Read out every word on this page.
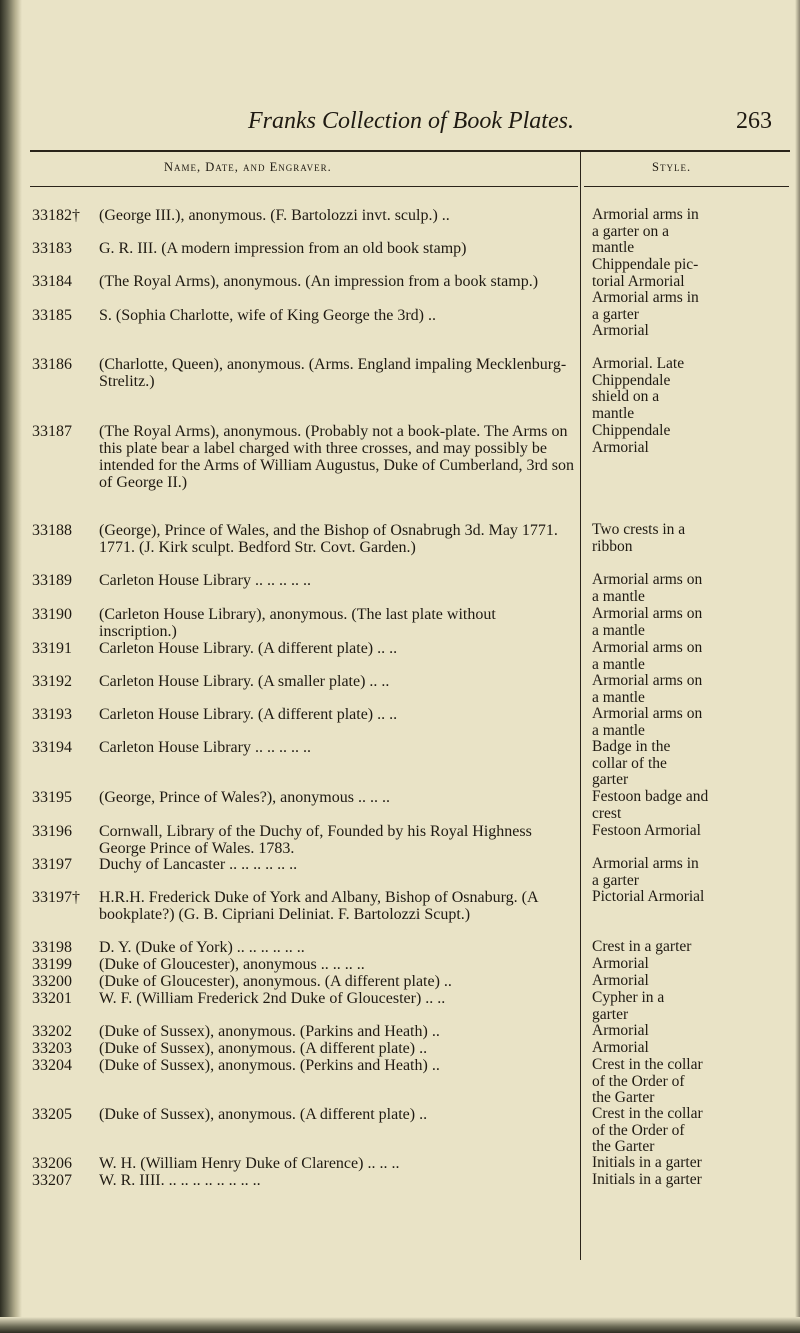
Franks Collection of Book Plates.	263
Name, Date, and Engraver.	Style.
33182† (George III.), anonymous. (F. Bartolozzi invt. sculp.) ..
33183 G. R. III. (A modern impression from an old book stamp)
33184 (The Royal Arms), anonymous. (An impression from a book stamp.)
33185 S. (Sophia Charlotte, wife of King George the 3rd) ..
33186 (Charlotte, Queen), anonymous. (Arms. England impaling Mecklenburg-Strelitz.)
33187 (The Royal Arms), anonymous. (Probably not a book-plate. The Arms on this plate bear a label charged with three crosses, and may possibly be intended for the Arms of William Augustus, Duke of Cumberland, 3rd son of George II.)
33188 (George), Prince of Wales, and the Bishop of Osnabrugh 3d. May 1771. 1771. (J. Kirk sculpt. Bedford Str. Covt. Garden.)
33189 Carleton House Library .. .. .. .. ..
33190 (Carleton House Library), anonymous. (The last plate without inscription.)
33191 Carleton House Library. (A different plate) .. ..
33192 Carleton House Library. (A smaller plate) .. ..
33193 Carleton House Library. (A different plate) .. ..
33194 Carleton House Library .. .. .. .. ..
33195 (George, Prince of Wales?), anonymous .. .. ..
33196 Cornwall, Library of the Duchy of, Founded by his Royal Highness George Prince of Wales. 1783.
33197 Duchy of Lancaster .. .. .. .. .. ..
33197† H.R.H. Frederick Duke of York and Albany, Bishop of Osnaburg. (A bookplate?) (G. B. Cipriani Deliniat. F. Bartolozzi Scupt.)
33198 D. Y. (Duke of York) .. .. .. .. .. ..
33199 (Duke of Gloucester), anonymous .. .. .. ..
33200 (Duke of Gloucester), anonymous. (A different plate) ..
33201 W. F. (William Frederick 2nd Duke of Gloucester) .. ..
33202 (Duke of Sussex), anonymous. (Parkins and Heath) ..
33203 (Duke of Sussex), anonymous. (A different plate) ..
33204 (Duke of Sussex), anonymous. (Perkins and Heath) ..
33205 (Duke of Sussex), anonymous. (A different plate) ..
33206 W. H. (William Henry Duke of Clarence) .. .. ..
33207 W. R. IIII. .. .. .. .. .. .. .. ..
Armorial arms in
a garter on a
mantle
Chippendale pic-
torial Armorial
Armorial arms in
a garter
Armorial
Armorial. Late
Chippendale
shield on a
mantle
Chippendale
Armorial
Two crests in a
ribbon
Armorial arms on
a mantle
Armorial arms on
a mantle
Armorial arms on
a mantle
Armorial arms on
a mantle
Armorial arms on
a mantle
Badge in the
collar of the
garter
Festoon badge and
crest
Festoon Armorial
Armorial arms in
a garter
Pictorial Armorial
Crest in a garter
Armorial
Armorial
Cypher in a
garter
Armorial
Armorial
Crest in the collar
of the Order of
the Garter
Crest in the collar
of the Order of
the Garter
Initials in a garter
Initials in a garter
